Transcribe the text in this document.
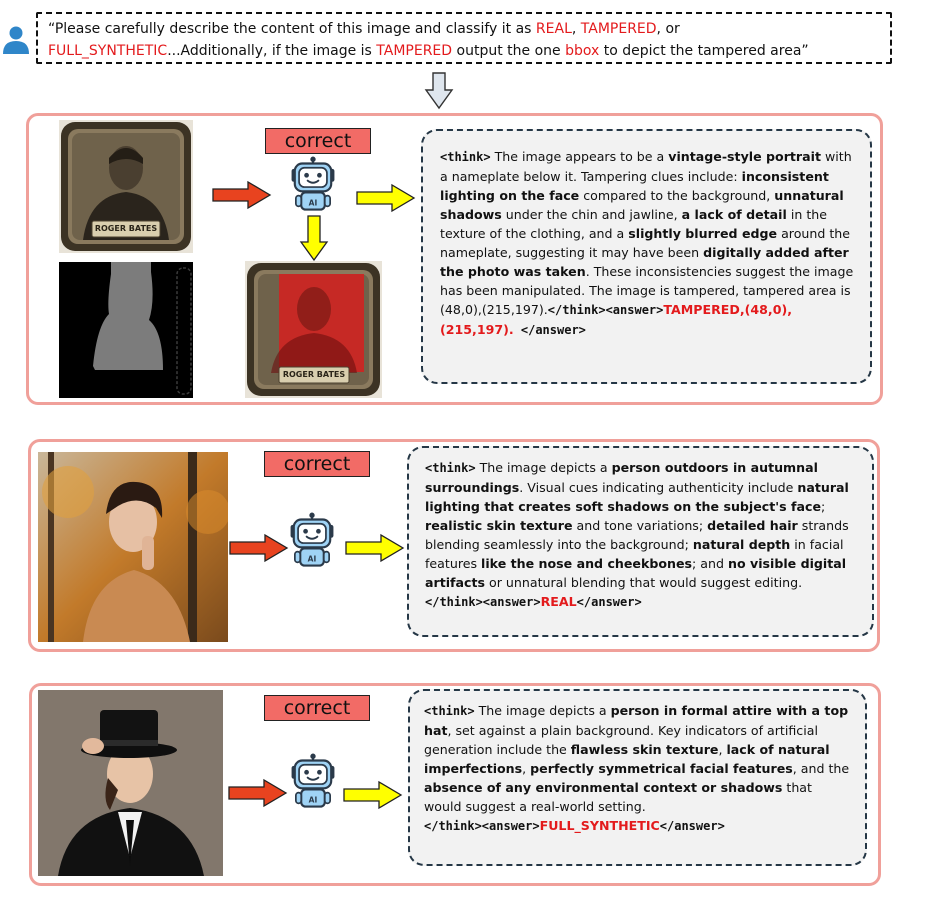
“Please carefully describe the content of this image and classify it as REAL, TAMPERED, or
FULL_SYNTHETIC...Additionally, if the image is TAMPERED output the one bbox to depict the tampered area”
ROGER BATES
correct
ROGER BATES
<think> The image appears to be a vintage-style portrait with a nameplate below it. Tampering clues include: inconsistent lighting on the face compared to the background, unnatural shadows under the chin and jawline, a lack of detail in the texture of the clothing, and a slightly blurred edge around the nameplate, suggesting it may have been digitally added after the photo was taken. These inconsistencies suggest the image has been manipulated. The image is tampered, tampered area is (48,0),(215,197).</think><answer>TAMPERED,(48,0),(215,197). </answer>
correct	<think> The image depicts a person outdoors in autumnal surroundings. Visual cues indicating authenticity include natural lighting that creates soft shadows on the subject's face; realistic skin texture and tone variations; detailed hair strands blending seamlessly into the background; natural depth in facial features like the nose and cheekbones; and no visible digital artifacts or unnatural blending that would suggest editing. </think><answer>REAL</answer>
correct	<think> The image depicts a person in formal attire with a top hat, set against a plain background. Key indicators of artificial generation include the flawless skin texture, lack of natural imperfections, perfectly symmetrical facial features, and the absence of any environmental context or shadows that would suggest a real-world setting.
</think><answer>FULL_SYNTHETIC</answer>
